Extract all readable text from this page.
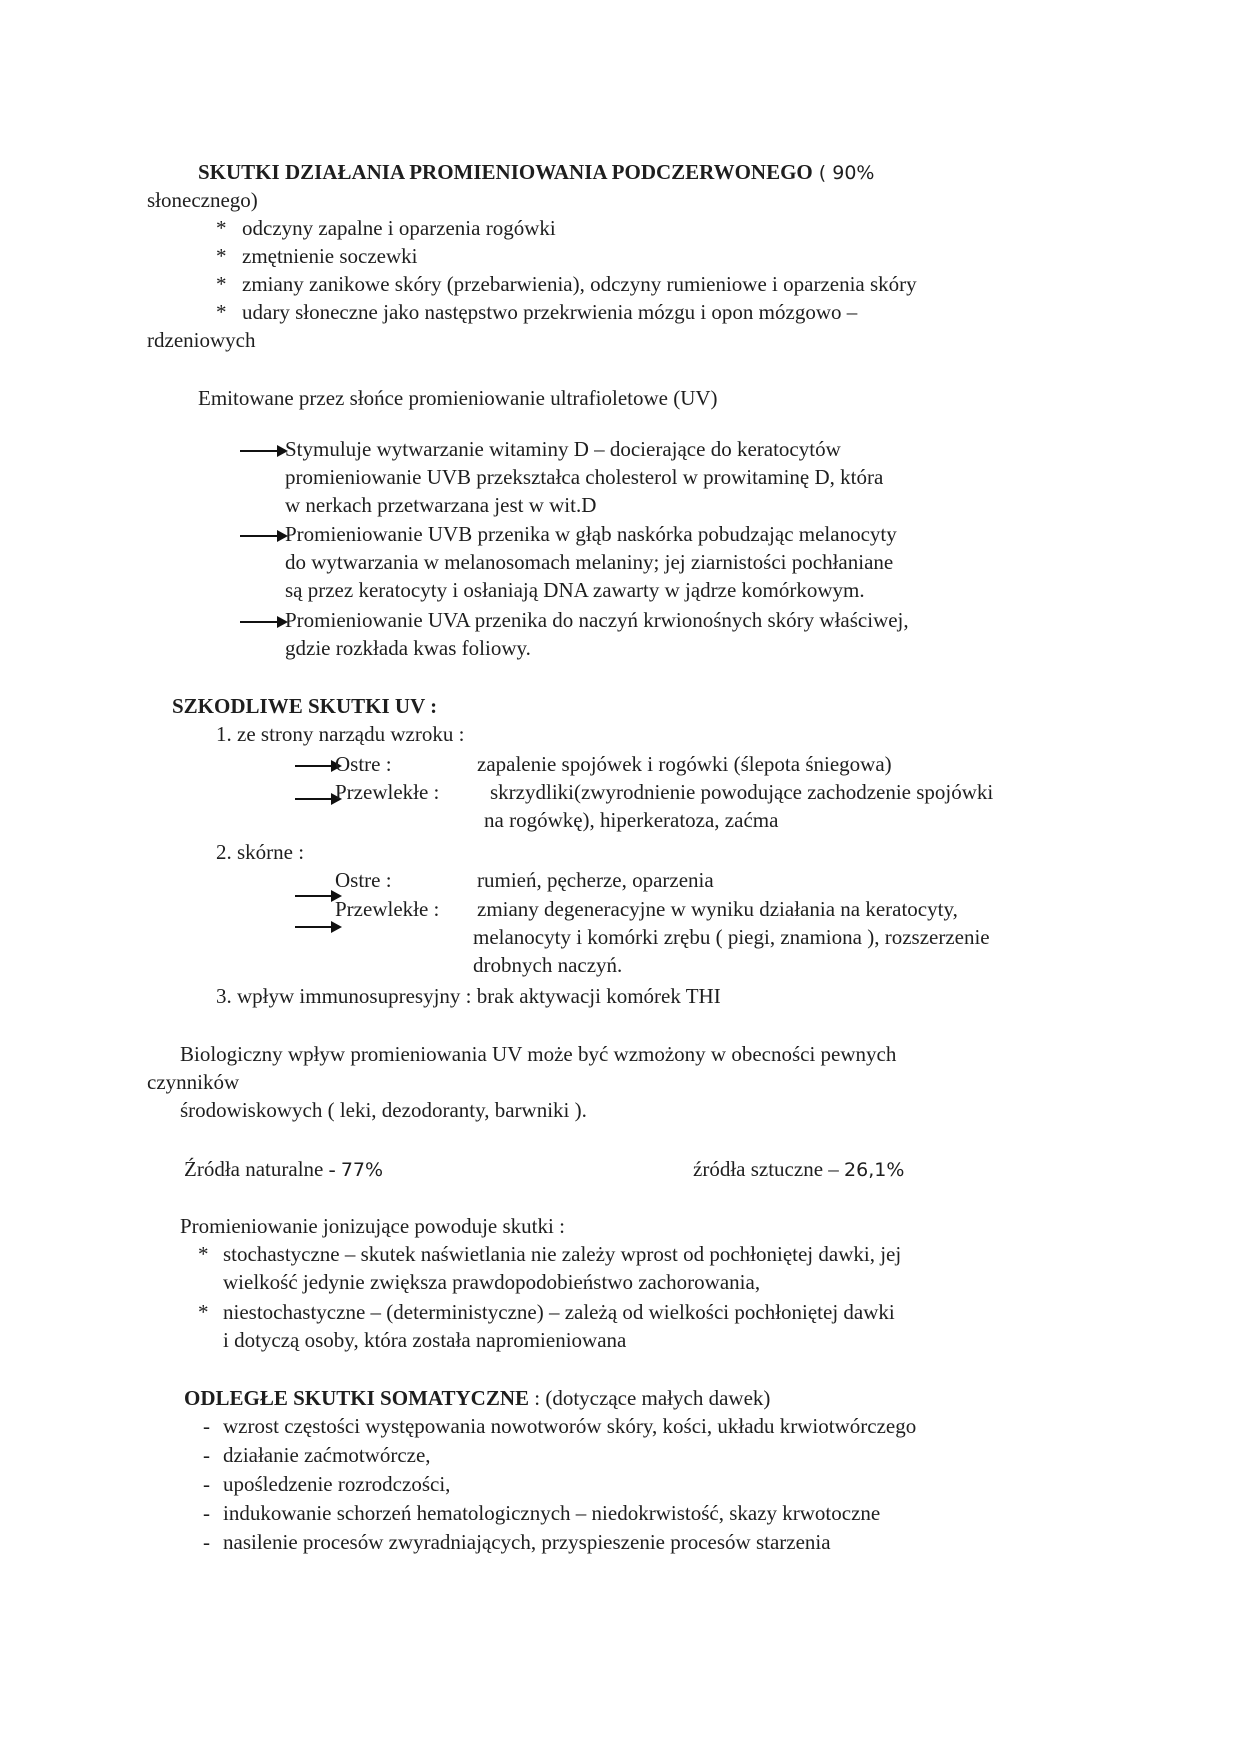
SKUTKI DZIAŁANIA PROMIENIOWANIA PODCZERWONEGO ( 90%
słonecznego)
* odczyny zapalne i oparzenia rogówki
* zmętnienie soczewki
* zmiany zanikowe skóry (przebarwienia), odczyny rumieniowe i oparzenia skóry
* udary słoneczne jako następstwo przekrwienia mózgu i opon mózgowo –
rdzeniowych
Emitowane przez słońce promieniowanie ultrafioletowe (UV)
Stymuluje wytwarzanie witaminy D – docierające do keratocytów
promieniowanie UVB przekształca cholesterol w prowitaminę D, która
w nerkach przetwarzana jest w wit.D
Promieniowanie UVB przenika w głąb naskórka pobudzając melanocyty
do wytwarzania w melanosomach melaniny; jej ziarnistości pochłaniane
są przez keratocyty i osłaniają DNA zawarty w jądrze komórkowym.
Promieniowanie UVA przenika do naczyń krwionośnych skóry właściwej,
gdzie rozkłada kwas foliowy.
SZKODLIWE SKUTKI UV :
1. ze strony narządu wzroku :
Ostre :	zapalenie spojówek i rogówki (ślepota śniegowa)
Przewlekłe : skrzydliki(zwyrodnienie powodujące zachodzenie spojówki
na rogówkę), hiperkeratoza, zaćma
2. skórne :
Ostre :	rumień, pęcherze, oparzenia
Przewlekłe : zmiany degeneracyjne w wyniku działania na keratocyty,
melanocyty i komórki zrębu ( piegi, znamiona ), rozszerzenie
drobnych naczyń.
3. wpływ immunosupresyjny : brak aktywacji komórek THI
Biologiczny wpływ promieniowania UV może być wzmożony w obecności pewnych
czynników
środowiskowych ( leki, dezodoranty, barwniki ).
Źródła naturalne - 77%	źródła sztuczne – 26,1%
Promieniowanie jonizujące powoduje skutki :
* stochastyczne – skutek naświetlania nie zależy wprost od pochłoniętej dawki, jej
wielkość jedynie zwiększa prawdopodobieństwo zachorowania,
* niestochastyczne – (deterministyczne) – zależą od wielkości pochłoniętej dawki
i dotyczą osoby, która została napromieniowana
ODLEGŁE SKUTKI SOMATYCZNE : (dotyczące małych dawek)
- wzrost częstości występowania nowotworów skóry, kości, układu krwiotwórczego
- działanie zaćmotwórcze,
- upośledzenie rozrodczości,
- indukowanie schorzeń hematologicznych – niedokrwistość, skazy krwotoczne
- nasilenie procesów zwyradniających, przyspieszenie procesów starzenia
